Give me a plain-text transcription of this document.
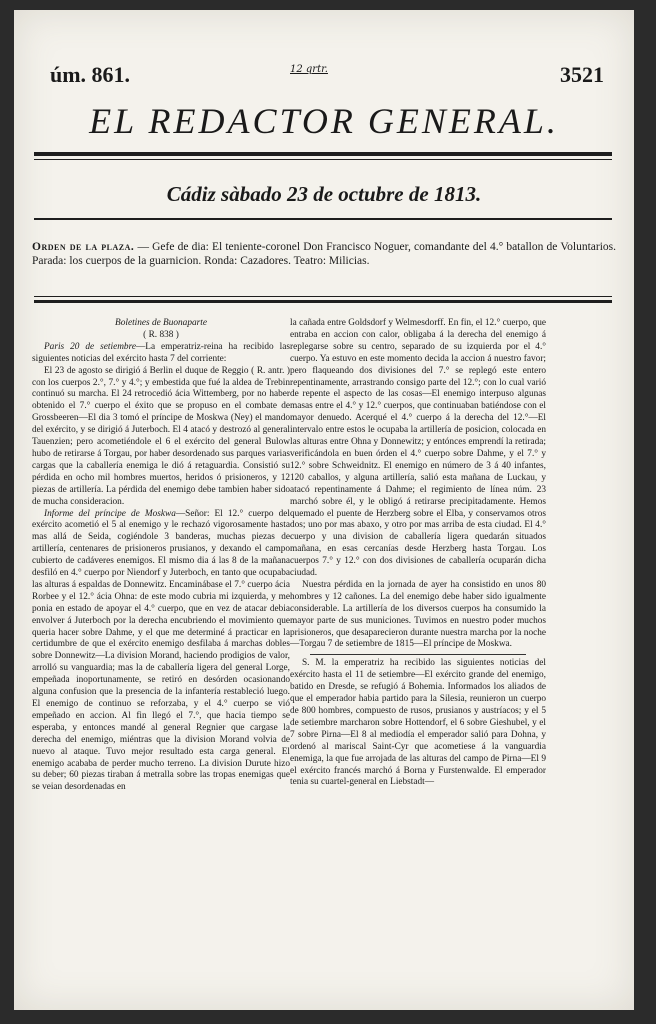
úm. 861.	12 qrtr.	3521
EL REDACTOR GENERAL.
Cádiz sàbado 23 de octubre de 1813.
Orden de la plaza. — Gefe de dia: El teniente-coronel Don Francisco Noguer, comandante del 4.° batallon de Voluntarios. Parada: los cuerpos de la guarnicion. Ronda: Cazadores. Teatro: Milicias.

Boletines de Buonaparte

( R. 838 )

Paris 20 de setiembre—La emperatriz-reina ha recibido las siguientes noticias del exército hasta 7 del corriente:

El 23 de agosto se dirigió á Berlin el duque de Reggio ( R. antr. ) con los cuerpos 2.°, 7.° y 4.°; y embestida que fué la aldea de Trebin continuó su marcha. El 24 retrocedió ácia Wittemberg, por no haber obtenido el 7.° cuerpo el éxito que se propuso en el combate de Grossbeeren—El dia 3 tomó el príncipe de Moskwa (Ney) el mando del exército, y se dirigió á Juterboch. El 4 atacó y destrozó al general Tauenzien; pero acometiéndole el 6 el exército del general Bulow hubo de retirarse á Torgau, por haber desordenado sus parques varias cargas que la caballería enemiga le dió á retaguardia. Consistió su pérdida en ocho mil hombres muertos, heridos ó prisioneros, y 12 piezas de artillería. La pérdida del enemigo debe tambien haber sido de mucha consideracion.

Informe del príncipe de Moskwa—Señor: El 12.° cuerpo del exército acometió el 5 al enemigo y le rechazó vigorosamente hasta mas allá de Seida, cogiéndole 3 banderas, muchas piezas de artillería, centenares de prisioneros prusianos, y dexando el campo cubierto de cadáveres enemigos. El mismo dia á las 8 de la mañana desfiló en 4.° cuerpo por Niendorf y Juterboch, en tanto que ocupaba las alturas á espaldas de Donnewitz. Encaminábase el 7.° cuerpo ácia Rorbee y el 12.° ácia Ohna: de este modo cubria mi izquierda, y me ponia en estado de apoyar el 4.° cuerpo, que en vez de atacar debia envolver á Juterboch por la derecha encubriendo el movimiento que queria hacer sobre Dahme, y el que me determiné á practicar en la certidumbre de que el exército enemigo desfilaba á marchas dobles sobre Donnewitz—La division Morand, haciendo prodigios de valor, arrolló su vanguardia; mas la de caballería ligera del general Lorge, empeñada inoportunamente, se retiró en desórden ocasionando alguna confusion que la presencia de la infantería restableció luego. El enemigo de continuo se reforzaba, y el 4.° cuerpo se vió empeñado en accion. Al fin llegó el 7.°, que hacia tiempo se esperaba, y entonces mandé al general Regnier que cargase la derecha del enemigo, miéntras que la division Morand volvia de nuevo al ataque. Tuvo mejor resultado esta carga general. El enemigo acababa de perder mucho terreno. La division Durute hizo su deber; 60 piezas tiraban á metralla sobre las tropas enemigas que se veian desordenadas en

la cañada entre Goldsdorf y Welmesdorff. En fin, el 12.° cuerpo, que entraba en accion con calor, obligaba á la derecha del enemigo á replegarse sobre su centro, separado de su izquierda por el 4.° cuerpo. Ya estuvo en este momento decida la accion á nuestro favor; pero flaqueando dos divisiones del 7.° se replegó este entero repentinamente, arrastrando consigo parte del 12.°; con lo cual varió de repente el aspecto de las cosas—El enemigo interpuso algunas masas entre el 4.° y 12.° cuerpos, que continuaban batiéndose con el mayor denuedo. Acerqué el 4.° cuerpo á la derecha del 12.°—El intervalo entre estos le ocupaba la artillería de posicion, colocada en las alturas entre Ohna y Donnewitz; y entónces emprendí la retirada; verificándola en buen órden el 4.° cuerpo sobre Dahme, y el 7.° y 12.° sobre Schweidnitz. El enemigo en número de 3 á 40 infantes, 120 caballos, y alguna artillería, salió esta mañana de Luckau, y atacó repentinamente á Dahme; el regimiento de línea núm. 23 marchó sobre él, y le obligó á retirarse precipitadamente. Hemos quemado el puente de Herzberg sobre el Elba, y conservamos otros dos; uno por mas abaxo, y otro por mas arriba de esta ciudad. El 4.° cuerpo y una division de caballería ligera quedarán situados mañana, en esas cercanías desde Herzberg hasta Torgau. Los cuerpos 7.° y 12.° con dos divisiones de caballería ocuparán dicha ciudad.

Nuestra pérdida en la jornada de ayer ha consistido en unos 80 hombres y 12 cañones. La del enemigo debe haber sido igualmente considerable. La artillería de los diversos cuerpos ha consumido la mayor parte de sus municiones. Tuvimos en nuestro poder muchos prisioneros, que desaparecieron durante nuestra marcha por la noche—Torgau 7 de setiembre de 1815—El príncipe de Moskwa.

S. M. la emperatriz ha recibido las siguientes noticias del exército hasta el 11 de setiembre—El exército grande del enemigo, batido en Dresde, se refugió á Bohemia. Informados los aliados de que el emperador habia partido para la Silesia, reunieron un cuerpo de 800 hombres, compuesto de rusos, prusianos y austríacos; y el 5 de setiembre marcharon sobre Hottendorf, el 6 sobre Gieshubel, y el 7 sobre Pirna—El 8 al mediodía el emperador salió para Dohna, y ordenó al mariscal Saint-Cyr que acometiese á la vanguardia enemiga, la que fue arrojada de las alturas del campo de Pirna—El 9 el exército francés marchó á Borna y Furstenwalde. El emperador tenia su cuartel-general en Liebstadt—
